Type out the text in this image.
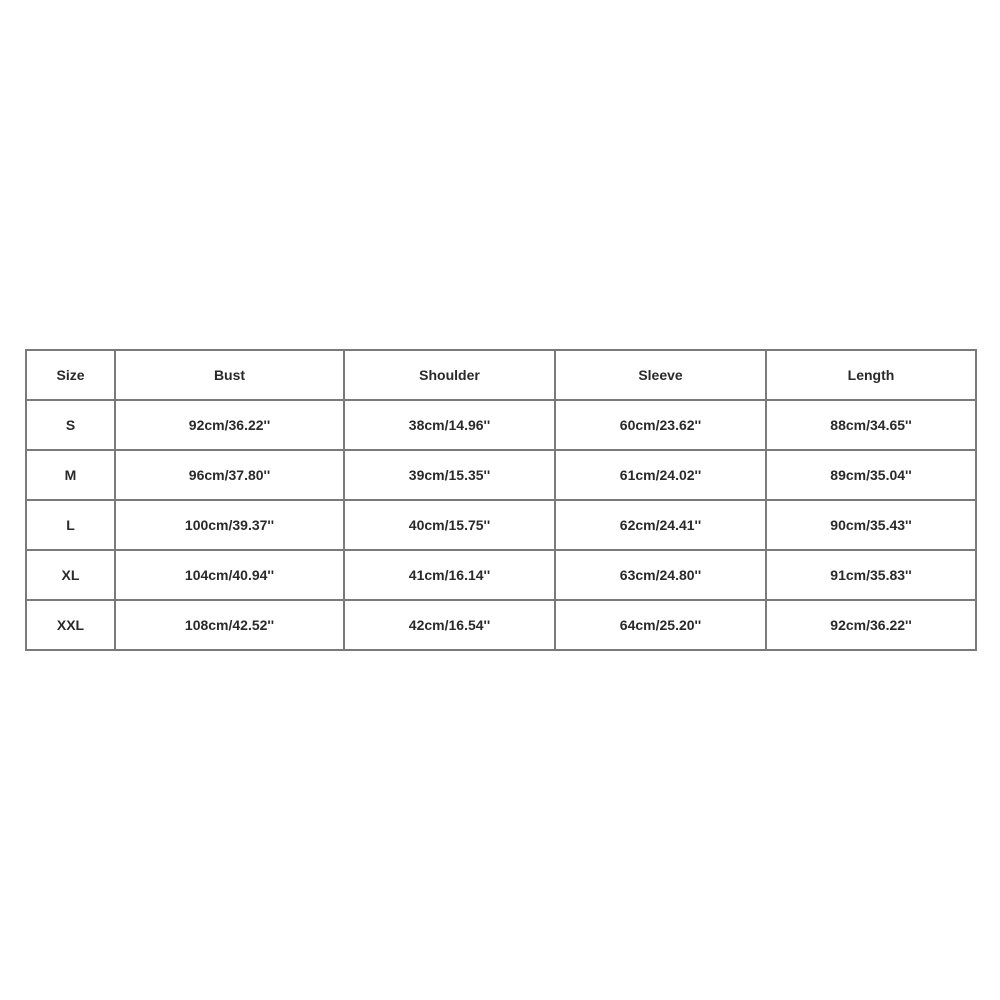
Size	Bust	Shoulder	Sleeve	Length
S	92cm/36.22''	38cm/14.96''	60cm/23.62''	88cm/34.65''
M	96cm/37.80''	39cm/15.35''	61cm/24.02''	89cm/35.04''
L	100cm/39.37''	40cm/15.75''	62cm/24.41''	90cm/35.43''
XL	104cm/40.94''	41cm/16.14''	63cm/24.80''	91cm/35.83''
XXL	108cm/42.52''	42cm/16.54''	64cm/25.20''	92cm/36.22''
